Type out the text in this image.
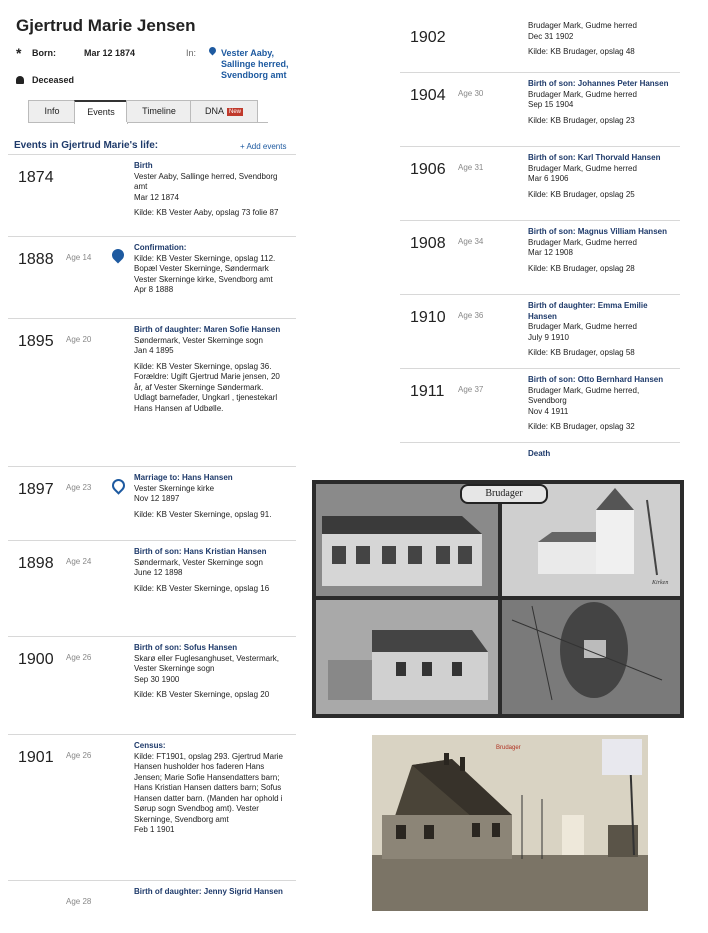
Gjertrud Marie Jensen
* Born:	Mar 12 1874	In:	Vester Aaby, Sallinge herred, Svendborg amt
Deceased
Info	Events	Timeline	DNA New
Events in Gjertrud Marie's life:	+ Add events
1874
Birth
Vester Aaby, Sallinge herred, Svendborg amt
Mar 12 1874
Kilde: KB Vester Aaby, opslag 73 folie 87
1888 Age 14
Confirmation:
Kilde: KB Vester Skerninge, opslag 112. Bopæl Vester Skerninge, Søndermark Vester Skerninge kirke, Svendborg amt
Apr 8 1888
1895 Age 20
Birth of daughter: Maren Sofie Hansen
Søndermark, Vester Skerninge sogn
Jan 4 1895
Kilde: KB Vester Skerninge, opslag 36. Forældre: Ugift Gjertrud Marie jensen, 20 år, af Vester Skerninge Søndermark. Udlagt barnefader, Ungkarl , tjenestekarl Hans Hansen af Udbølle.
1897 Age 23
Marriage to: Hans Hansen
Vester Skerninge kirke
Nov 12 1897
Kilde: KB Vester Skerninge, opslag 91.
1898 Age 24
Birth of son: Hans Kristian Hansen
Søndermark, Vester Skerninge sogn
June 12 1898
Kilde: KB Vester Skerninge, opslag 16
1900 Age 26
Birth of son: Sofus Hansen
Skarø eller Fuglesanghuset, Vestermark, Vester Skerninge sogn
Sep 30 1900
Kilde: KB Vester Skerninge, opslag 20
1901 Age 26
Census:
Kilde: FT1901, opslag 293. Gjertrud Marie Hansen husholder hos faderen Hans Jensen; Marie Sofie Hansendatters barn; Hans Kristian Hansen datters barn; Sofus Hansen datter barn. (Manden har ophold i Sørup sogn Svendbog amt). Vester Skerninge, Svendborg amt
Feb 1 1901
Age 28
Birth of daughter: Jenny Sigrid Hansen
1902
Brudager Mark, Gudme herred
Dec 31 1902
Kilde: KB Brudager, opslag 48
1904 Age 30
Birth of son: Johannes Peter Hansen
Brudager Mark, Gudme herred
Sep 15 1904
Kilde: KB Brudager, opslag 23
1906 Age 31
Birth of son: Karl Thorvald Hansen
Brudager Mark, Gudme herred
Mar 6 1906
Kilde: KB Brudager, opslag 25
1908 Age 34
Birth of son: Magnus Villiam Hansen
Brudager Mark, Gudme herred
Mar 12 1908
Kilde: KB Brudager, opslag 28
1910 Age 36
Birth of daughter: Emma Emilie Hansen
Brudager Mark, Gudme herred
July 9 1910
Kilde: KB Brudager, opslag 58
1911 Age 37
Birth of son: Otto Bernhard Hansen
Brudager Mark, Gudme herred, Svendborg
Nov 4 1911
Kilde: KB Brudager, opslag 32
Death
Brudager
Kirken
Brudager
